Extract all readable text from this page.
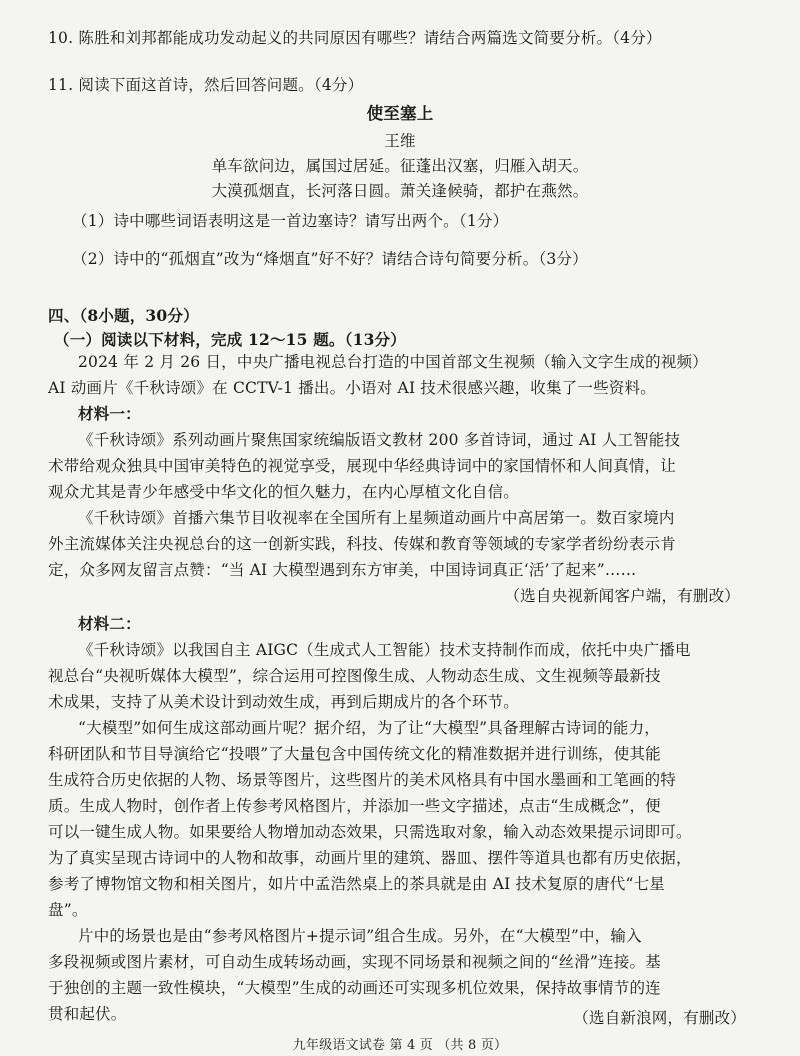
10. 陈胜和刘邦都能成功发动起义的共同原因有哪些？请结合两篇选文简要分析。（4分）
11. 阅读下面这首诗，然后回答问题。（4分）
使至塞上
王维
单车欲问边，属国过居延。征蓬出汉塞，归雁入胡天。
大漠孤烟直，长河落日圆。萧关逢候骑，都护在燕然。
（1）诗中哪些词语表明这是一首边塞诗？请写出两个。（1分）
（2）诗中的“孤烟直”改为“烽烟直”好不好？请结合诗句简要分析。（3分）
四、（8小题，30分）
（一）阅读以下材料，完成 12～15 题。（13分）
2024 年 2 月 26 日，中央广播电视总台打造的中国首部文生视频（输入文字生成的视频）
AI 动画片《千秋诗颂》在 CCTV-1 播出。小语对 AI 技术很感兴趣，收集了一些资料。
材料一：
《千秋诗颂》系列动画片聚焦国家统编版语文教材 200 多首诗词，通过 AI 人工智能技
术带给观众独具中国审美特色的视觉享受，展现中华经典诗词中的家国情怀和人间真情，让
观众尤其是青少年感受中华文化的恒久魅力，在内心厚植文化自信。
《千秋诗颂》首播六集节目收视率在全国所有上星频道动画片中高居第一。数百家境内
外主流媒体关注央视总台的这一创新实践，科技、传媒和教育等领域的专家学者纷纷表示肯
定，众多网友留言点赞：“当 AI 大模型遇到东方审美，中国诗词真正‘活’了起来”……
（选自央视新闻客户端，有删改）
材料二：
《千秋诗颂》以我国自主 AIGC（生成式人工智能）技术支持制作而成，依托中央广播电
视总台“央视听媒体大模型”，综合运用可控图像生成、人物动态生成、文生视频等最新技
术成果，支持了从美术设计到动效生成，再到后期成片的各个环节。
“大模型”如何生成这部动画片呢？据介绍，为了让“大模型”具备理解古诗词的能力，
科研团队和节目导演给它“投喂”了大量包含中国传统文化的精准数据并进行训练，使其能
生成符合历史依据的人物、场景等图片，这些图片的美术风格具有中国水墨画和工笔画的特
质。生成人物时，创作者上传参考风格图片，并添加一些文字描述，点击“生成概念”，便
可以一键生成人物。如果要给人物增加动态效果，只需选取对象，输入动态效果提示词即可。
为了真实呈现古诗词中的人物和故事，动画片里的建筑、器皿、摆件等道具也都有历史依据，
参考了博物馆文物和相关图片，如片中孟浩然桌上的茶具就是由 AI 技术复原的唐代“七星
盘”。
片中的场景也是由“参考风格图片+提示词”组合生成。另外，在“大模型”中，输入
多段视频或图片素材，可自动生成转场动画，实现不同场景和视频之间的“丝滑”连接。基
于独创的主题一致性模块，“大模型”生成的动画还可实现多机位效果，保持故事情节的连
贯和起伏。	（选自新浪网，有删改）
九年级语文试卷 第 4 页 （共 8 页）
